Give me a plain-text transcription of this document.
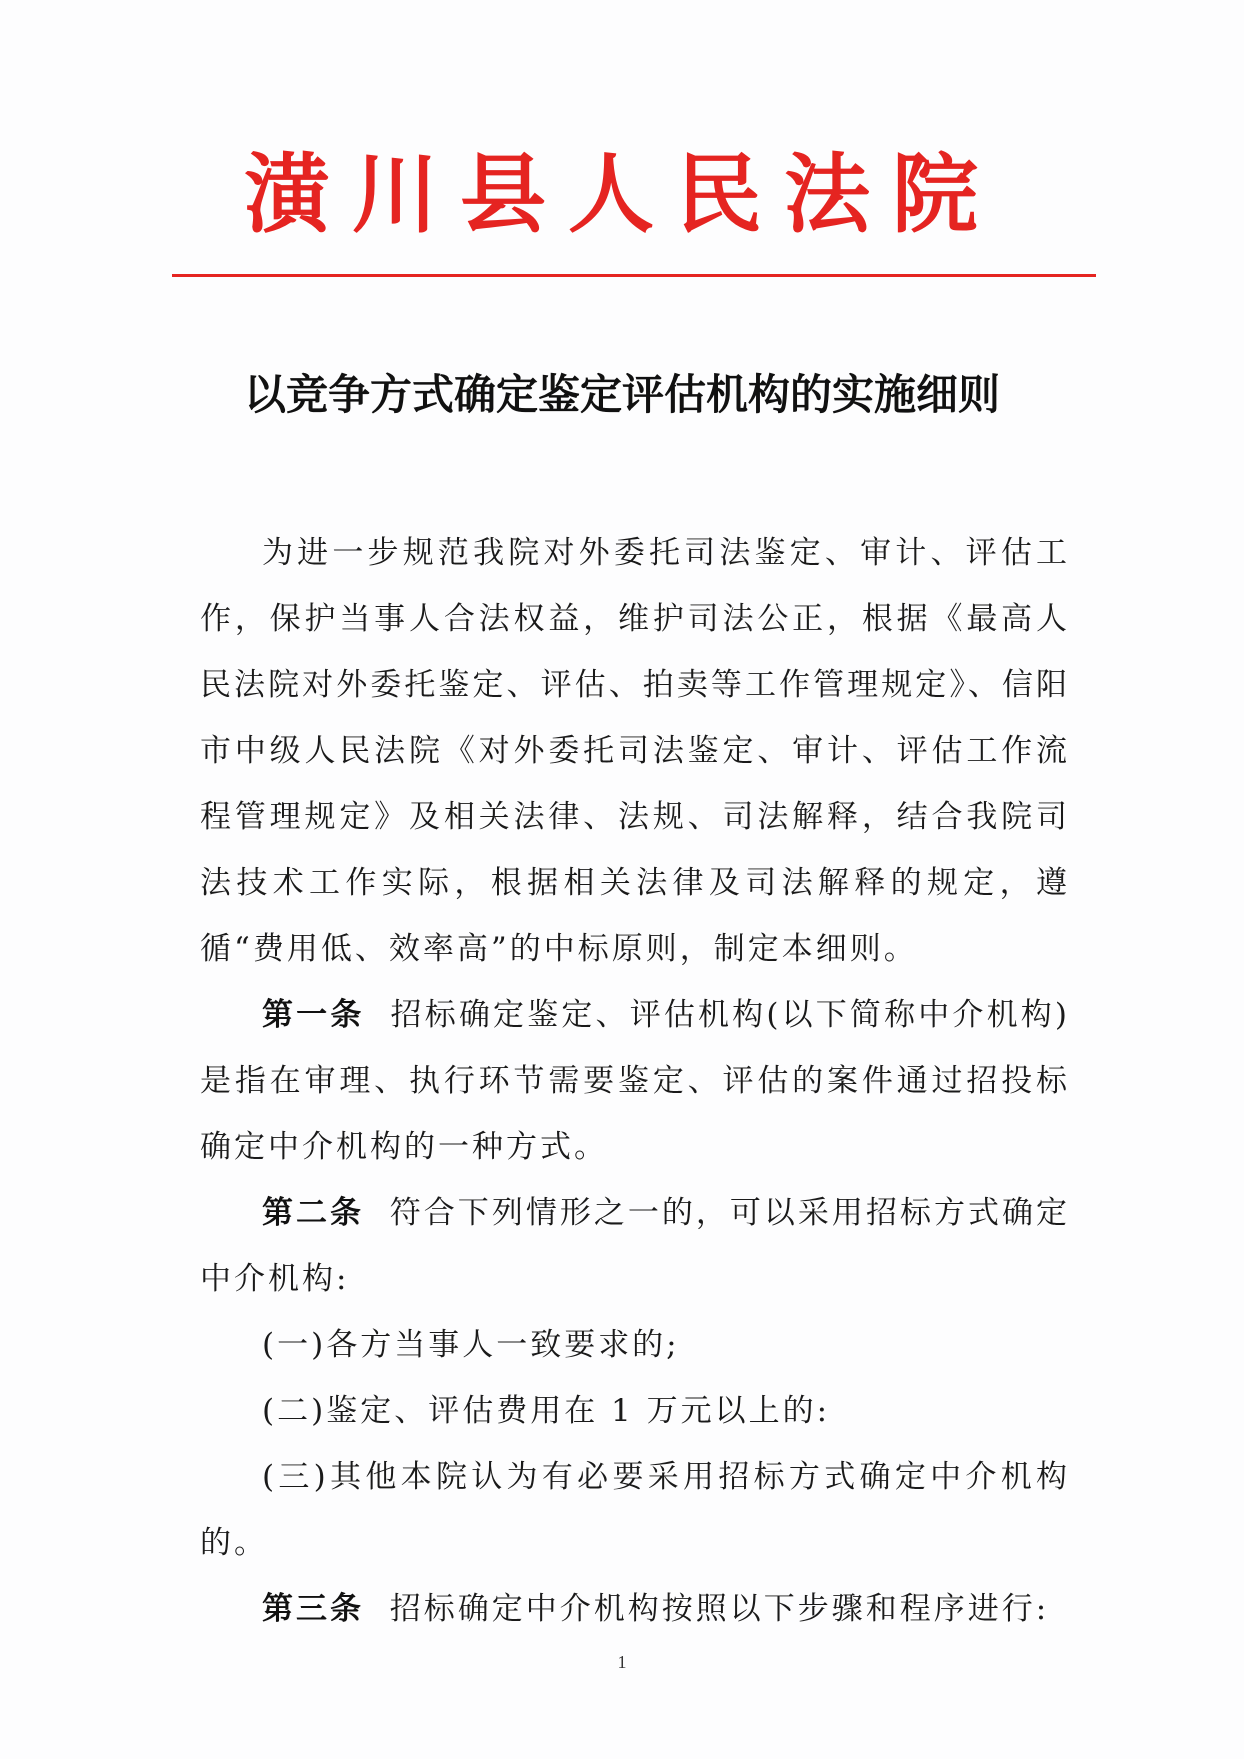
潢川县人民法院
以竞争方式确定鉴定评估机构的实施细则

为进一步规范我院对外委托司法鉴定、审计、评估工作，保护当事人合法权益，维护司法公正，根据《最高人民法院对外委托鉴定、评估、拍卖等工作管理规定》、信阳市中级人民法院《对外委托司法鉴定、审计、评估工作流程管理规定》及相关法律、法规、司法解释，结合我院司法技术工作实际，根据相关法律及司法解释的规定，遵循“费用低、效率高”的中标原则，制定本细则。

第一条 招标确定鉴定、评估机构(以下简称中介机构)是指在审理、执行环节需要鉴定、评估的案件通过招投标确定中介机构的一种方式。

第二条 符合下列情形之一的，可以采用招标方式确定中介机构:

(一)各方当事人一致要求的;

(二)鉴定、评估费用在 1 万元以上的:

(三)其他本院认为有必要采用招标方式确定中介机构的。

第三条 招标确定中介机构按照以下步骤和程序进行:

1
